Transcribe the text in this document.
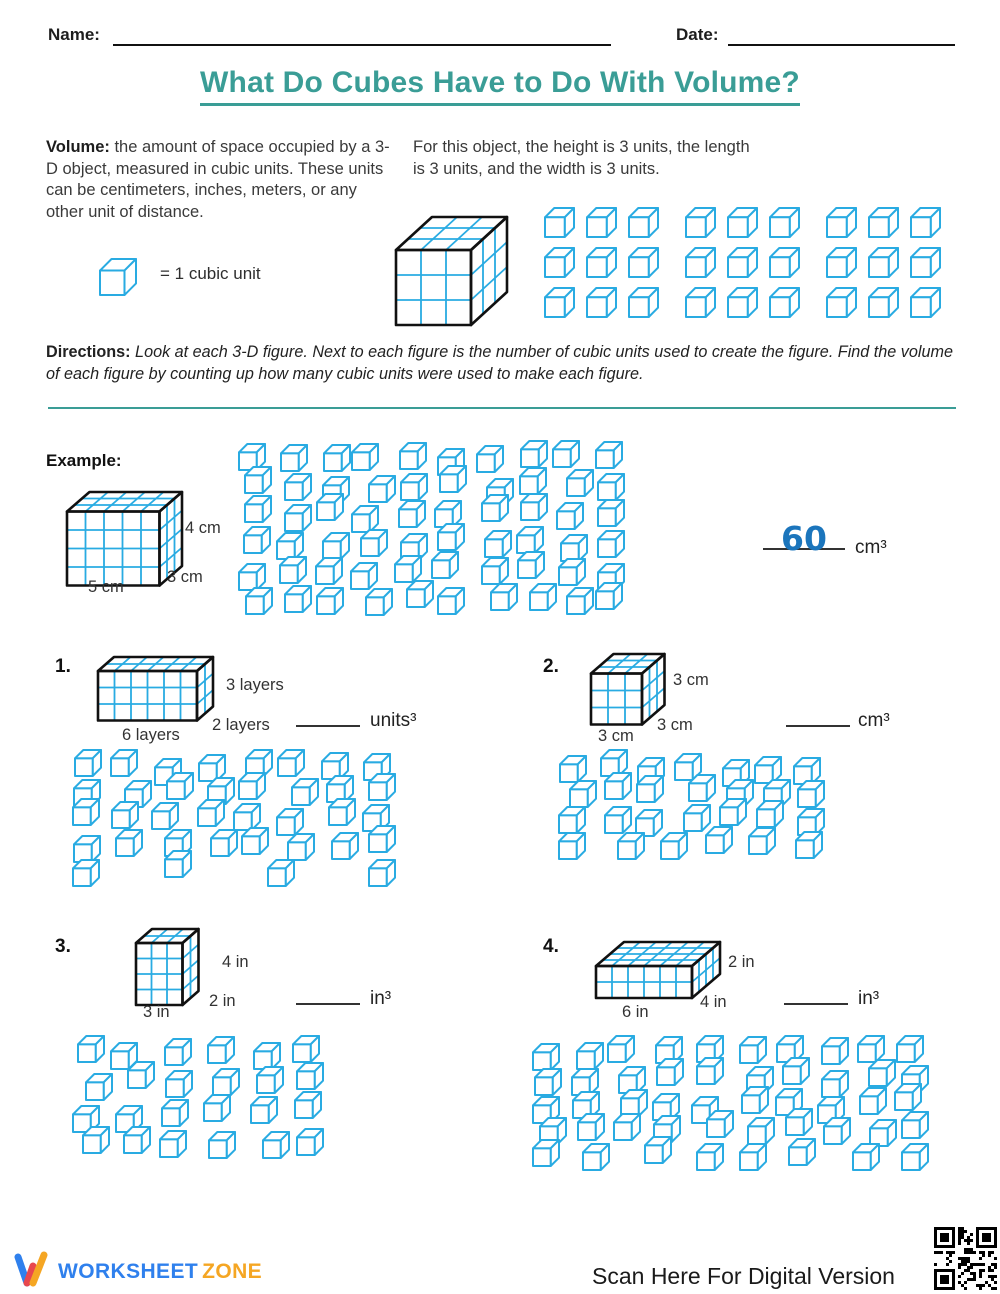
Name:	Date:
What Do Cubes Have to Do With Volume?
Volume: the amount of space occupied by a 3-D object, measured in cubic units. These units can be centimeters, inches, meters, or any other unit of distance.
= 1 cubic unit
For this object, the height is 3 units, the length is 3 units, and the width is 3 units.
Directions: Look at each 3-D figure. Next to each figure is the number of cubic units used to create the figure. Find the volume of each figure by counting up how many cubic units were used to make each figure.
Example:
4 cm
3 cm
5 cm
60	cm³
1.
3 layers
2 layers
6 layers
units³
2.
3 cm
3 cm
3 cm
cm³
3.
4 in
2 in
3 in
in³
4.
2 in
4 in
6 in
in³
WORKSHEET ZONE	Scan Here For Digital Version
